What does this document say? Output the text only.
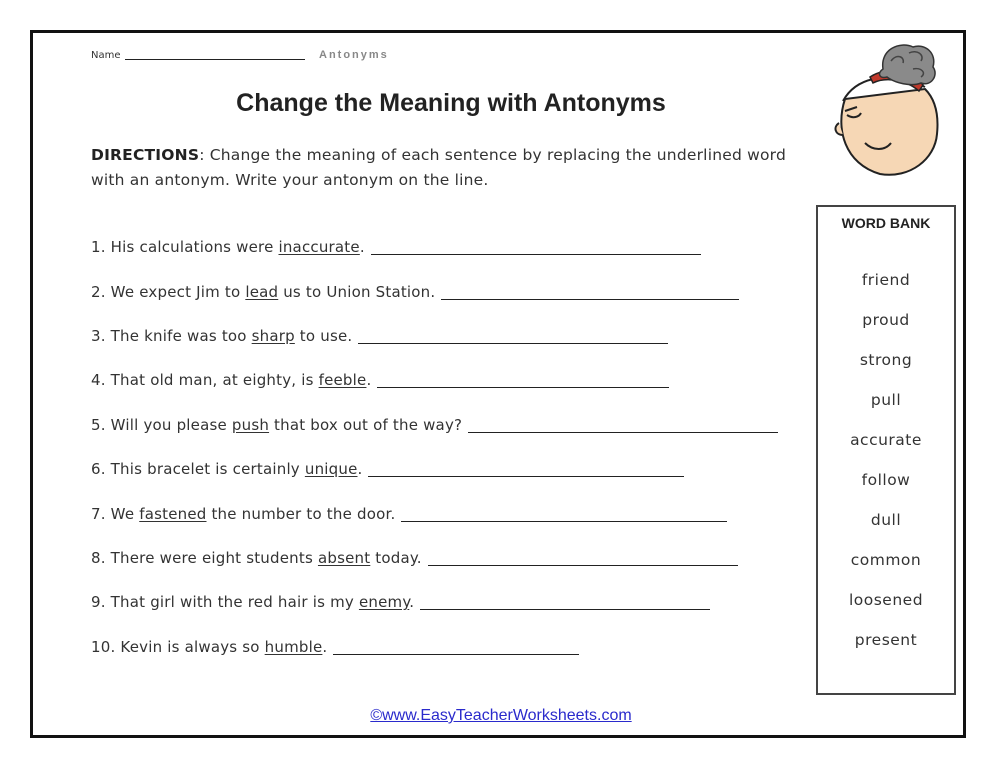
Name	Antonyms
Change the Meaning with Antonyms
DIRECTIONS: Change the meaning of each sentence by replacing the underlined word with an antonym. Write your antonym on the line.
1. His calculations were inaccurate.
2. We expect Jim to lead us to Union Station.
3. The knife was too sharp to use.
4. That old man, at eighty, is feeble.
5. Will you please push that box out of the way?
6. This bracelet is certainly unique.
7. We fastened the number to the door.
8. There were eight students absent today.
9. That girl with the red hair is my enemy.
10. Kevin is always so humble.
WORD BANK
friend
proud
strong
pull
accurate
follow
dull
common
loosened
present
©www.EasyTeacherWorksheets.com
